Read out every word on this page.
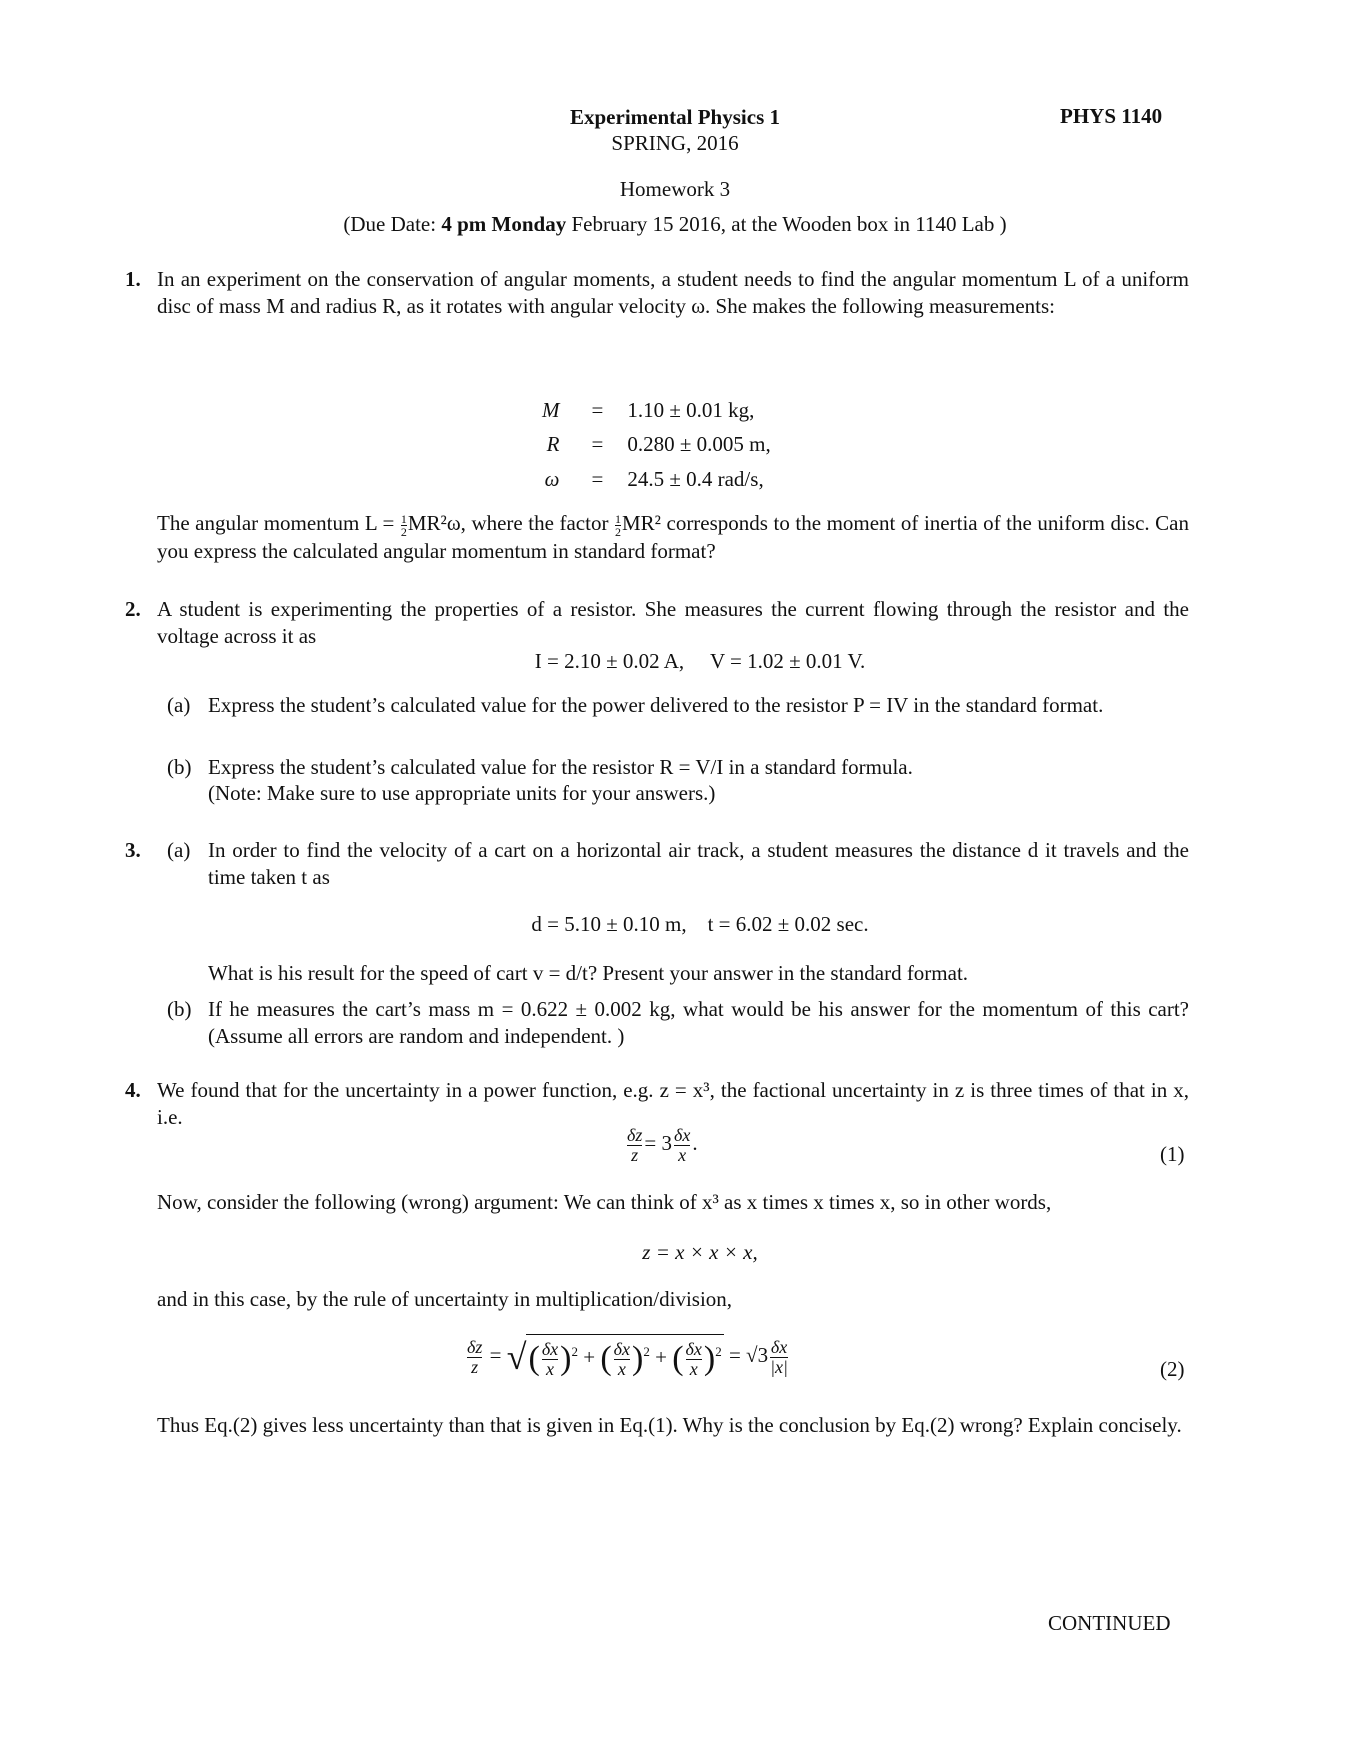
Experimental Physics 1
SPRING, 2016
PHYS 1140
Homework 3
(Due Date: 4 pm Monday February 15 2016, at the Wooden box in 1140 Lab )
1. In an experiment on the conservation of angular moments, a student needs to find the angular momentum L of a uniform disc of mass M and radius R, as it rotates with angular velocity ω. She makes the following measurements:
M	=	1.10 ± 0.01 kg,
R	=	0.280 ± 0.005 m,
ω	=	24.5 ± 0.4 rad/s,
The angular momentum $L = \frac{1}{2} MR^2\omega$, where the factor $\frac{1}{2} MR^2$ corresponds to the moment of inertia of the uniform disc. Can you express the calculated angular momentum in standard format?
2. A student is experimenting the properties of a resistor. She measures the current flowing through the resistor and the voltage across it as
I = 2.10 ± 0.02 A,     V = 1.02 ± 0.01 V.
(a) Express the student’s calculated value for the power delivered to the resistor P = IV in the standard format.
(b) Express the student’s calculated value for the resistor R = V/I in a standard formula.
(Note: Make sure to use appropriate units for your answers.)
3. (a) In order to find the velocity of a cart on a horizontal air track, a student measures the distance d it travels and the time taken t as
d = 5.10 ± 0.10 m,    t = 6.02 ± 0.02 sec.
What is his result for the speed of cart v = d/t? Present your answer in the standard format.
(b) If he measures the cart’s mass m = 0.622 ± 0.002 kg, what would be his answer for the momentum of this cart? (Assume all errors are random and independent. )
4. We found that for the uncertainty in a power function, e.g. z = x³, the factional uncertainty in z is three times of that in x, i.e.
$\frac{\delta z}{z} = 3 \frac{\delta x}{x}$ .	(1)
Now, consider the following (wrong) argument: We can think of x³ as x times x times x, so in other words,
z = x × x × x,
and in this case, by the rule of uncertainty in multiplication/division,
$\frac{\delta z}{z}$ = √( $\frac{\delta x}{x} )^2$ + ( $\frac{\delta x}{x} )^2$ + ( $\frac{\delta x}{x} )^2 = √3 \frac{\delta x}{|x|}$	(2)
Thus Eq.(2) gives less uncertainty than that is given in Eq.(1). Why is the conclusion by Eq.(2) wrong? Explain concisely.
CONTINUED
